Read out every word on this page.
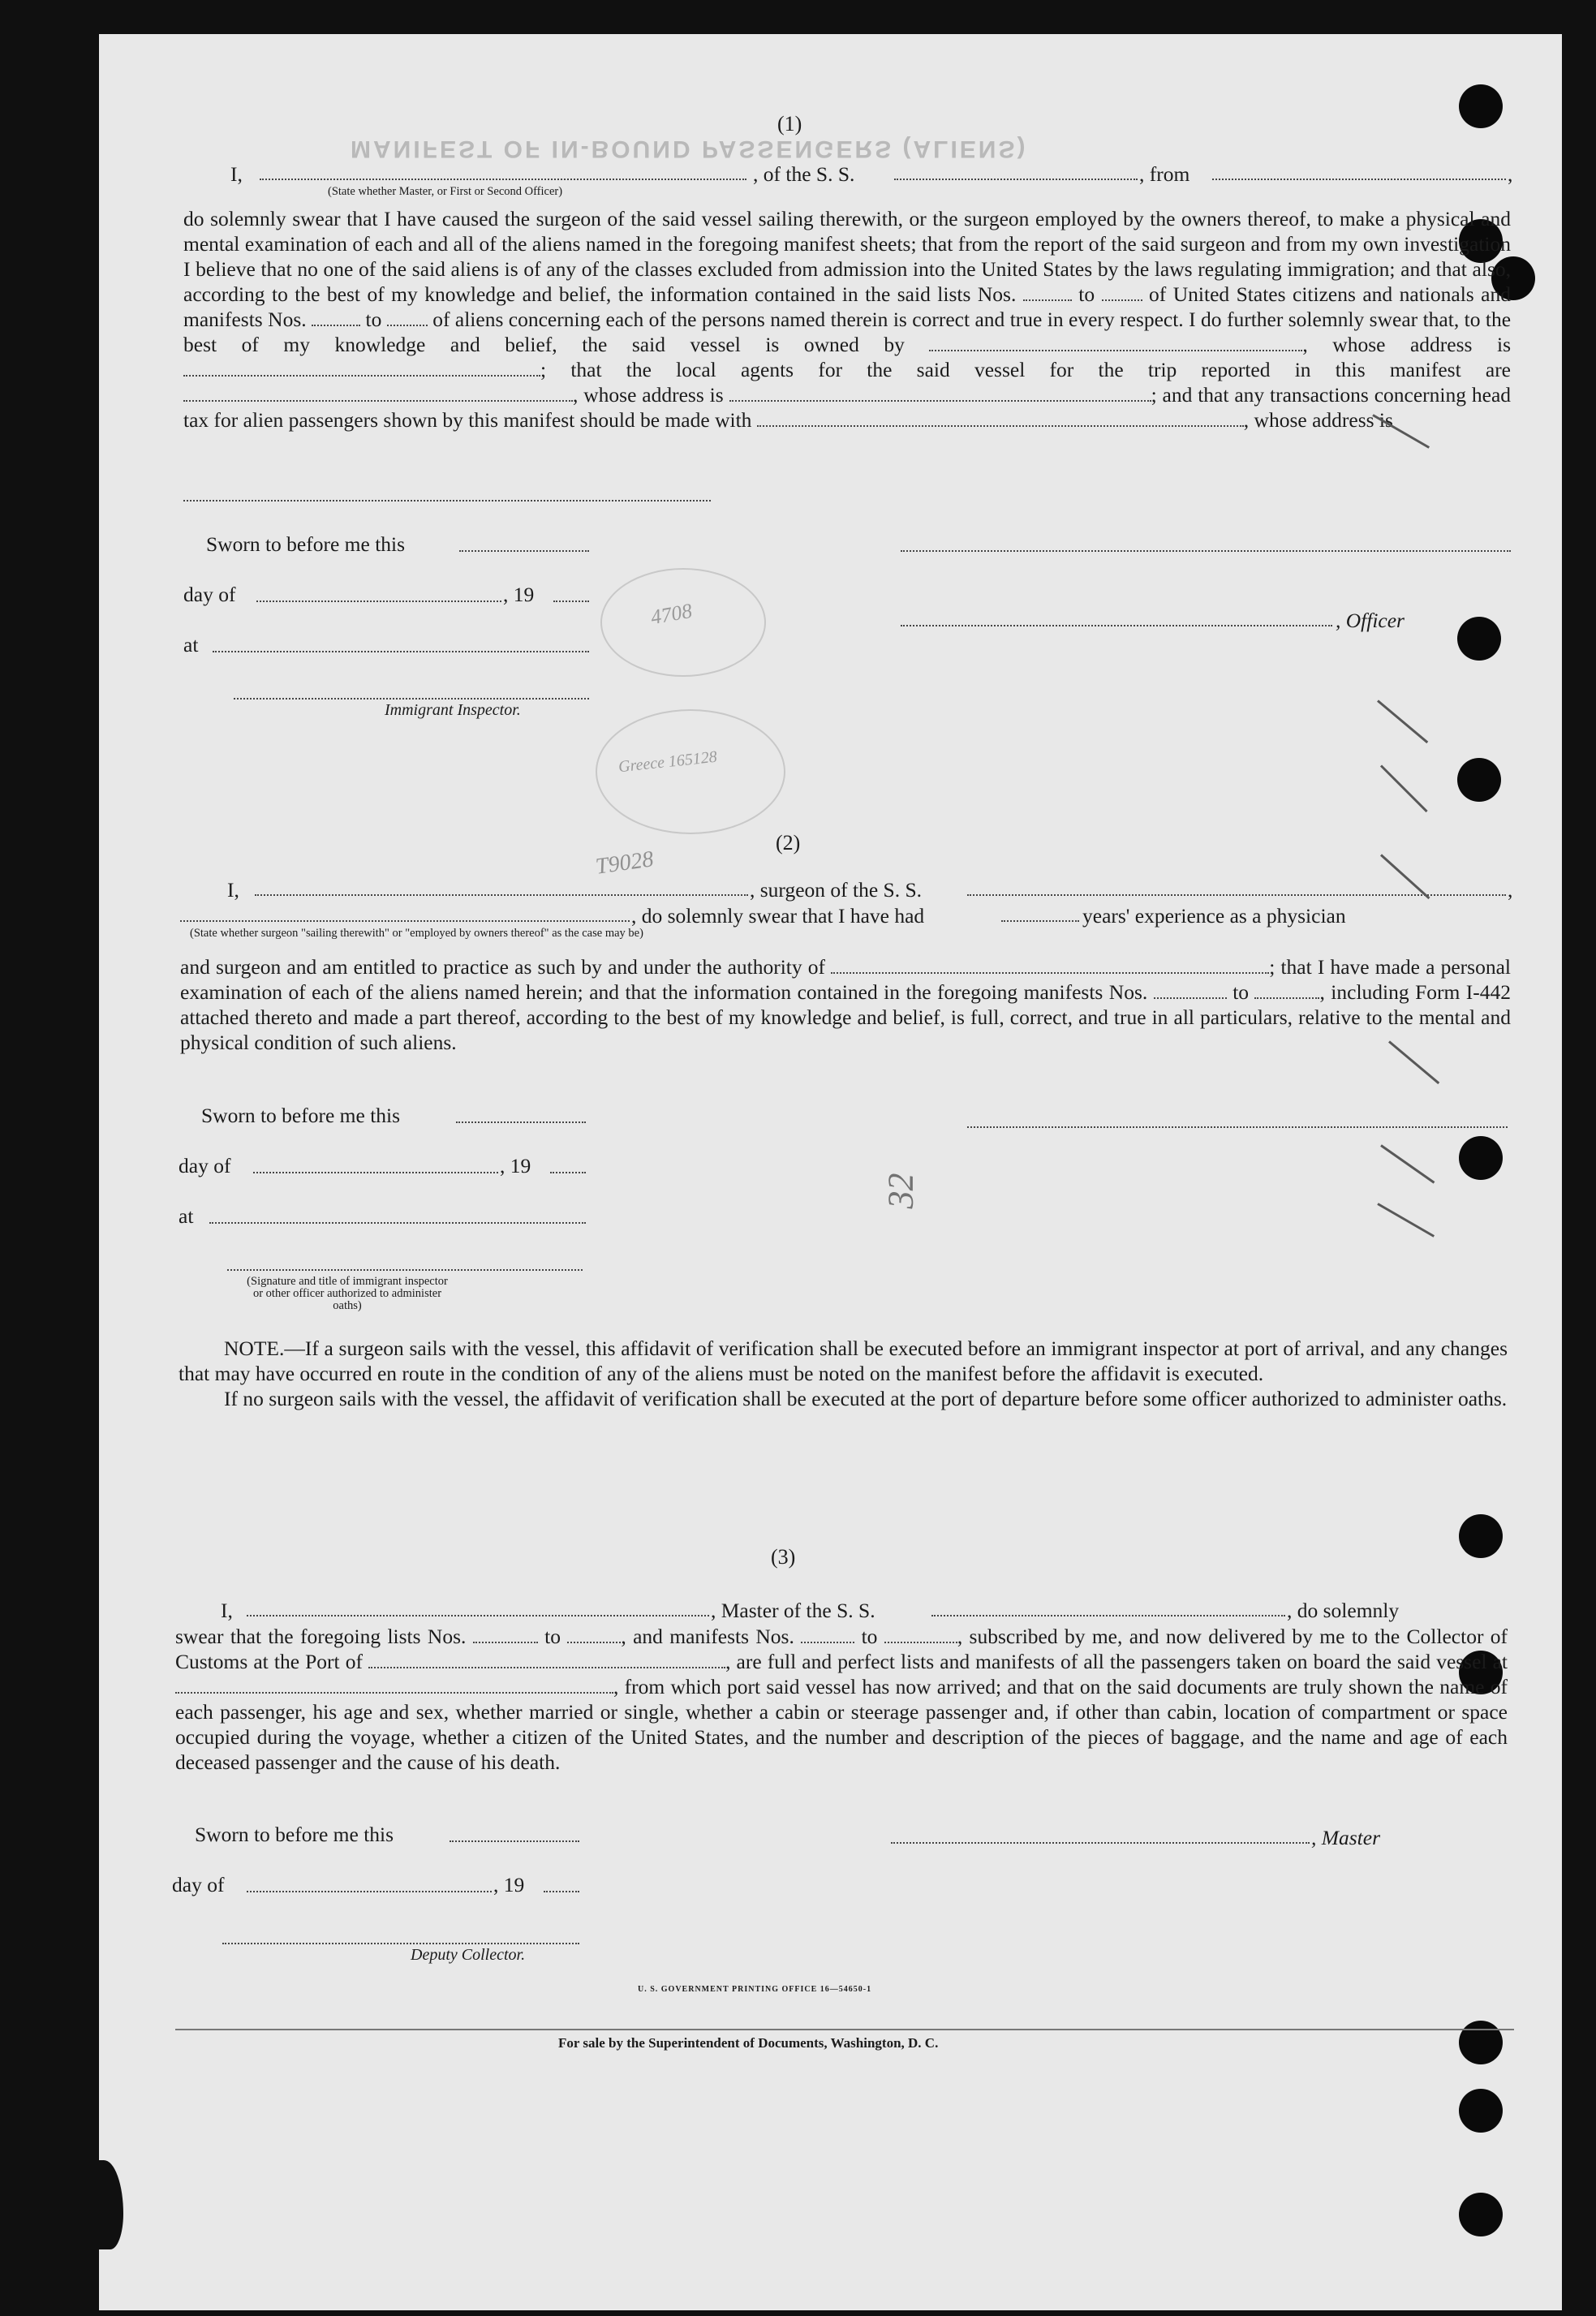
MANIFEST OF IN-BOUND PASSENGERS (ALIENS)
(1)
I,	, of the S. S.	, from	,
(State whether Master, or First or Second Officer)

do solemnly swear that I have caused the surgeon of the said vessel sailing therewith, or the surgeon employed by the owners thereof, to make a physical and mental examination of each and all of the aliens named in the foregoing manifest sheets; that from the report of the said surgeon and from my own investigation I believe that no one of the said aliens is of any of the classes excluded from admission into the United States by the laws regulating immigration; and that also, according to the best of my knowledge and belief, the information contained in the said lists Nos.	to	of United States citizens and nationals and manifests Nos.	to of aliens concerning each of the persons named therein is correct and true in every respect. I do further solemnly swear that, to the best of my knowledge and belief, the said vessel is owned by	, whose address is ; that the local agents for the said vessel for the trip reported in this manifest are , whose address is	; and that any transactions concerning head tax for alien passengers shown by this manifest should be made with	, whose address is

Sworn to before me this
day of	, 19
, Officer
at
Immigrant Inspector.
4708
Greece 165128
T9028
(2)
I,	, surgeon of the S. S.	,
, do solemnly swear that I have had	years' experience as a physician
(State whether surgeon "sailing therewith" or "employed by owners thereof" as the case may be)

and surgeon and am entitled to practice as such by and under the authority of	; that I have made a personal examination of each of the aliens named herein; and that the information contained in the foregoing manifests Nos.	to	, including Form I-442 attached thereto and made a part thereof, according to the best of my knowledge and belief, is full, correct, and true in all particulars, relative to the mental and physical condition of such aliens.

Sworn to before me this
day of	, 19
at
(Signature and title of immigrant inspector or other officer authorized to administer oaths)
32

NOTE.—If a surgeon sails with the vessel, this affidavit of verification shall be executed before an immigrant inspector at port of arrival, and any changes that may have occurred en route in the condition of any of the aliens must be noted on the manifest before the affidavit is executed.

If no surgeon sails with the vessel, the affidavit of verification shall be executed at the port of departure before some officer authorized to administer oaths.

(3)
I,	, Master of the S. S.	, do solemnly

swear that the foregoing lists Nos.	to	, and manifests Nos.	to	, subscribed by me, and now delivered by me to the Collector of Customs at the Port of	, are full and perfect lists and manifests of all the passengers taken on board the said vessel at , from which port said vessel has now arrived; and that on the said documents are truly shown the name of each passenger, his age and sex, whether married or single, whether a cabin or steerage passenger and, if other than cabin, location of compartment or space occupied during the voyage, whether a citizen of the United States, and the number and description of the pieces of baggage, and the name and age of each deceased passenger and the cause of his death.

Sworn to before me this	, Master
day of	, 19
Deputy Collector.
U. S. GOVERNMENT PRINTING OFFICE 16—54650-1
For sale by the Superintendent of Documents, Washington, D. C.
